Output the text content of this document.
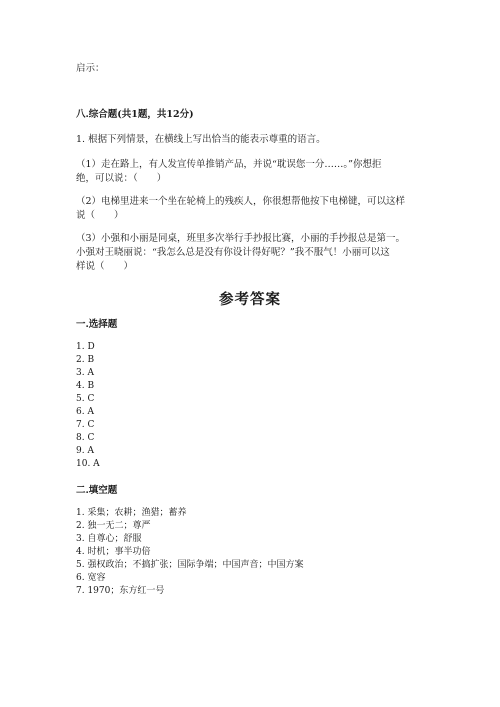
启示：
八.综合题(共1题，共12分)
1. 根据下列情景，在横线上写出恰当的能表示尊重的语言。
（1）走在路上，有人发宣传单推销产品，并说“耽误您一分……。”你想拒
绝，可以说：（　　）
（2）电梯里进来一个坐在轮椅上的残疾人，你很想帮他按下电梯键，可以这样
说（　　）
（3）小强和小丽是同桌，班里多次举行手抄报比赛，小丽的手抄报总是第一。
小强对王晓丽说：“我怎么总是没有你设计得好呢？”我不服气！小丽可以这
样说（　　）
参考答案
一.选择题
1. D
2. B
3. A
4. B
5. C
6. A
7. C
8. C
9. A
10. A
二.填空题
1. 采集；农耕；渔猎；蓄养
2. 独一无二；尊严
3. 自尊心；舒服
4. 时机；事半功倍
5. 强权政治；不搞扩张；国际争端；中国声音；中国方案
6. 宽容
7. 1970；东方红一号
